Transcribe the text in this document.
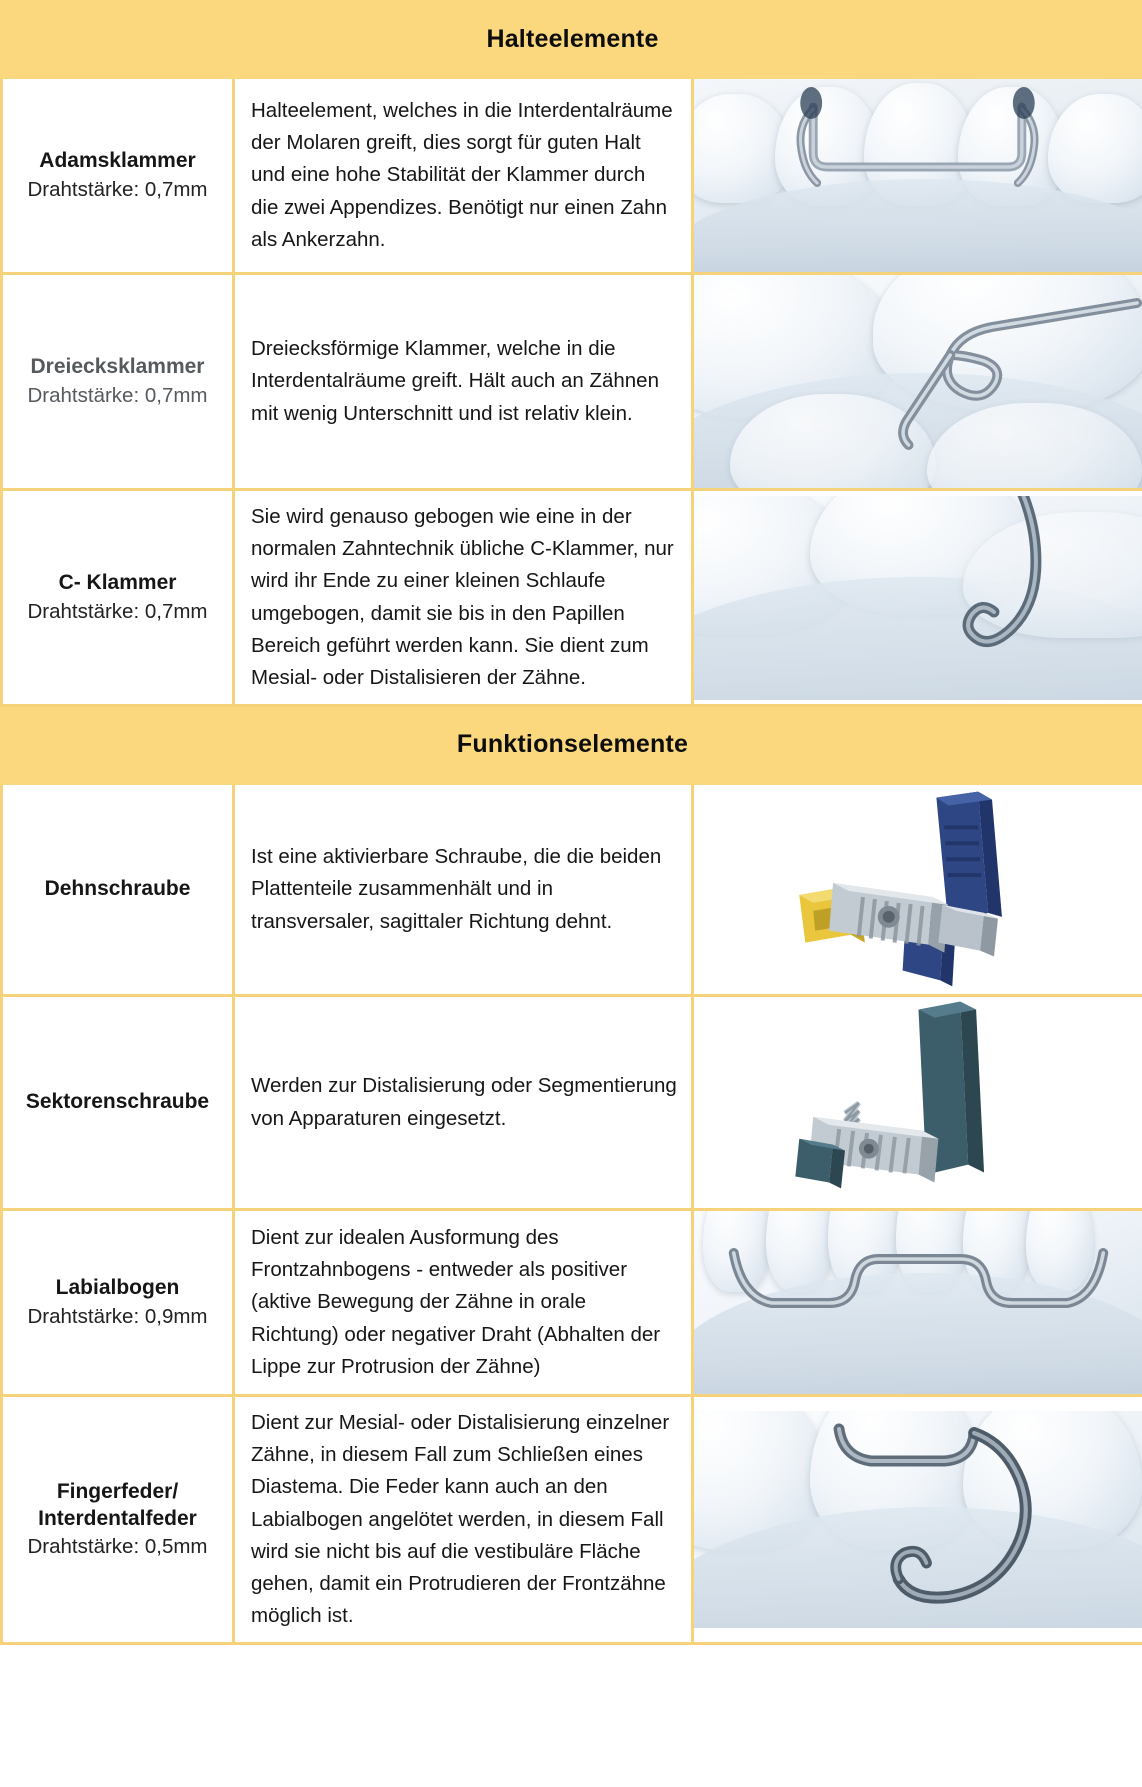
Halteelemente		

Adamsklammer
Drahtstärke: 0,7mm	Halteelement, welches in die Interdentalräume der Molaren greift, dies sorgt für guten Halt und eine hohe Stabilität der Klammer durch die zwei Appendizes. Benötigt nur einen Zahn als Ankerzahn.

Dreiecksklammer
Drahtstärke: 0,7mm	Dreiecksförmige Klammer, welche in die Interdentalräume greift. Hält auch an Zähnen mit wenig Unterschnitt und ist relativ klein.

C- Klammer
Drahtstärke: 0,7mm	Sie wird genauso gebogen wie eine in der normalen Zahntechnik übliche C-Klammer, nur wird ihr Ende zu einer kleinen Schlaufe umgebogen, damit sie bis in den Papillen Bereich geführt werden kann. Sie dient zum Mesial- oder Distalisieren der Zähne.

Funktionselemente		

Dehnschraube	Ist eine aktivierbare Schraube, die die beiden Plattenteile zusammenhält und in transversaler, sagittaler Richtung dehnt.

Sektorenschraube	Werden zur Distalisierung oder Segmentierung von Apparaturen eingesetzt.

Labialbogen
Drahtstärke: 0,9mm	Dient zur idealen Ausformung des Frontzahnbogens - entweder als positiver (aktive Bewegung der Zähne in orale Richtung) oder negativer Draht (Abhalten der Lippe zur Protrusion der Zähne)

Fingerfeder/ Interdentalfeder
Drahtstärke: 0,5mm	Dient zur Mesial- oder Distalisierung einzelner Zähne, in diesem Fall zum Schließen eines Diastema. Die Feder kann auch an den Labialbogen angelötet werden, in diesem Fall wird sie nicht bis auf die vestibuläre Fläche gehen, damit ein Protrudieren der Frontzähne möglich ist.
